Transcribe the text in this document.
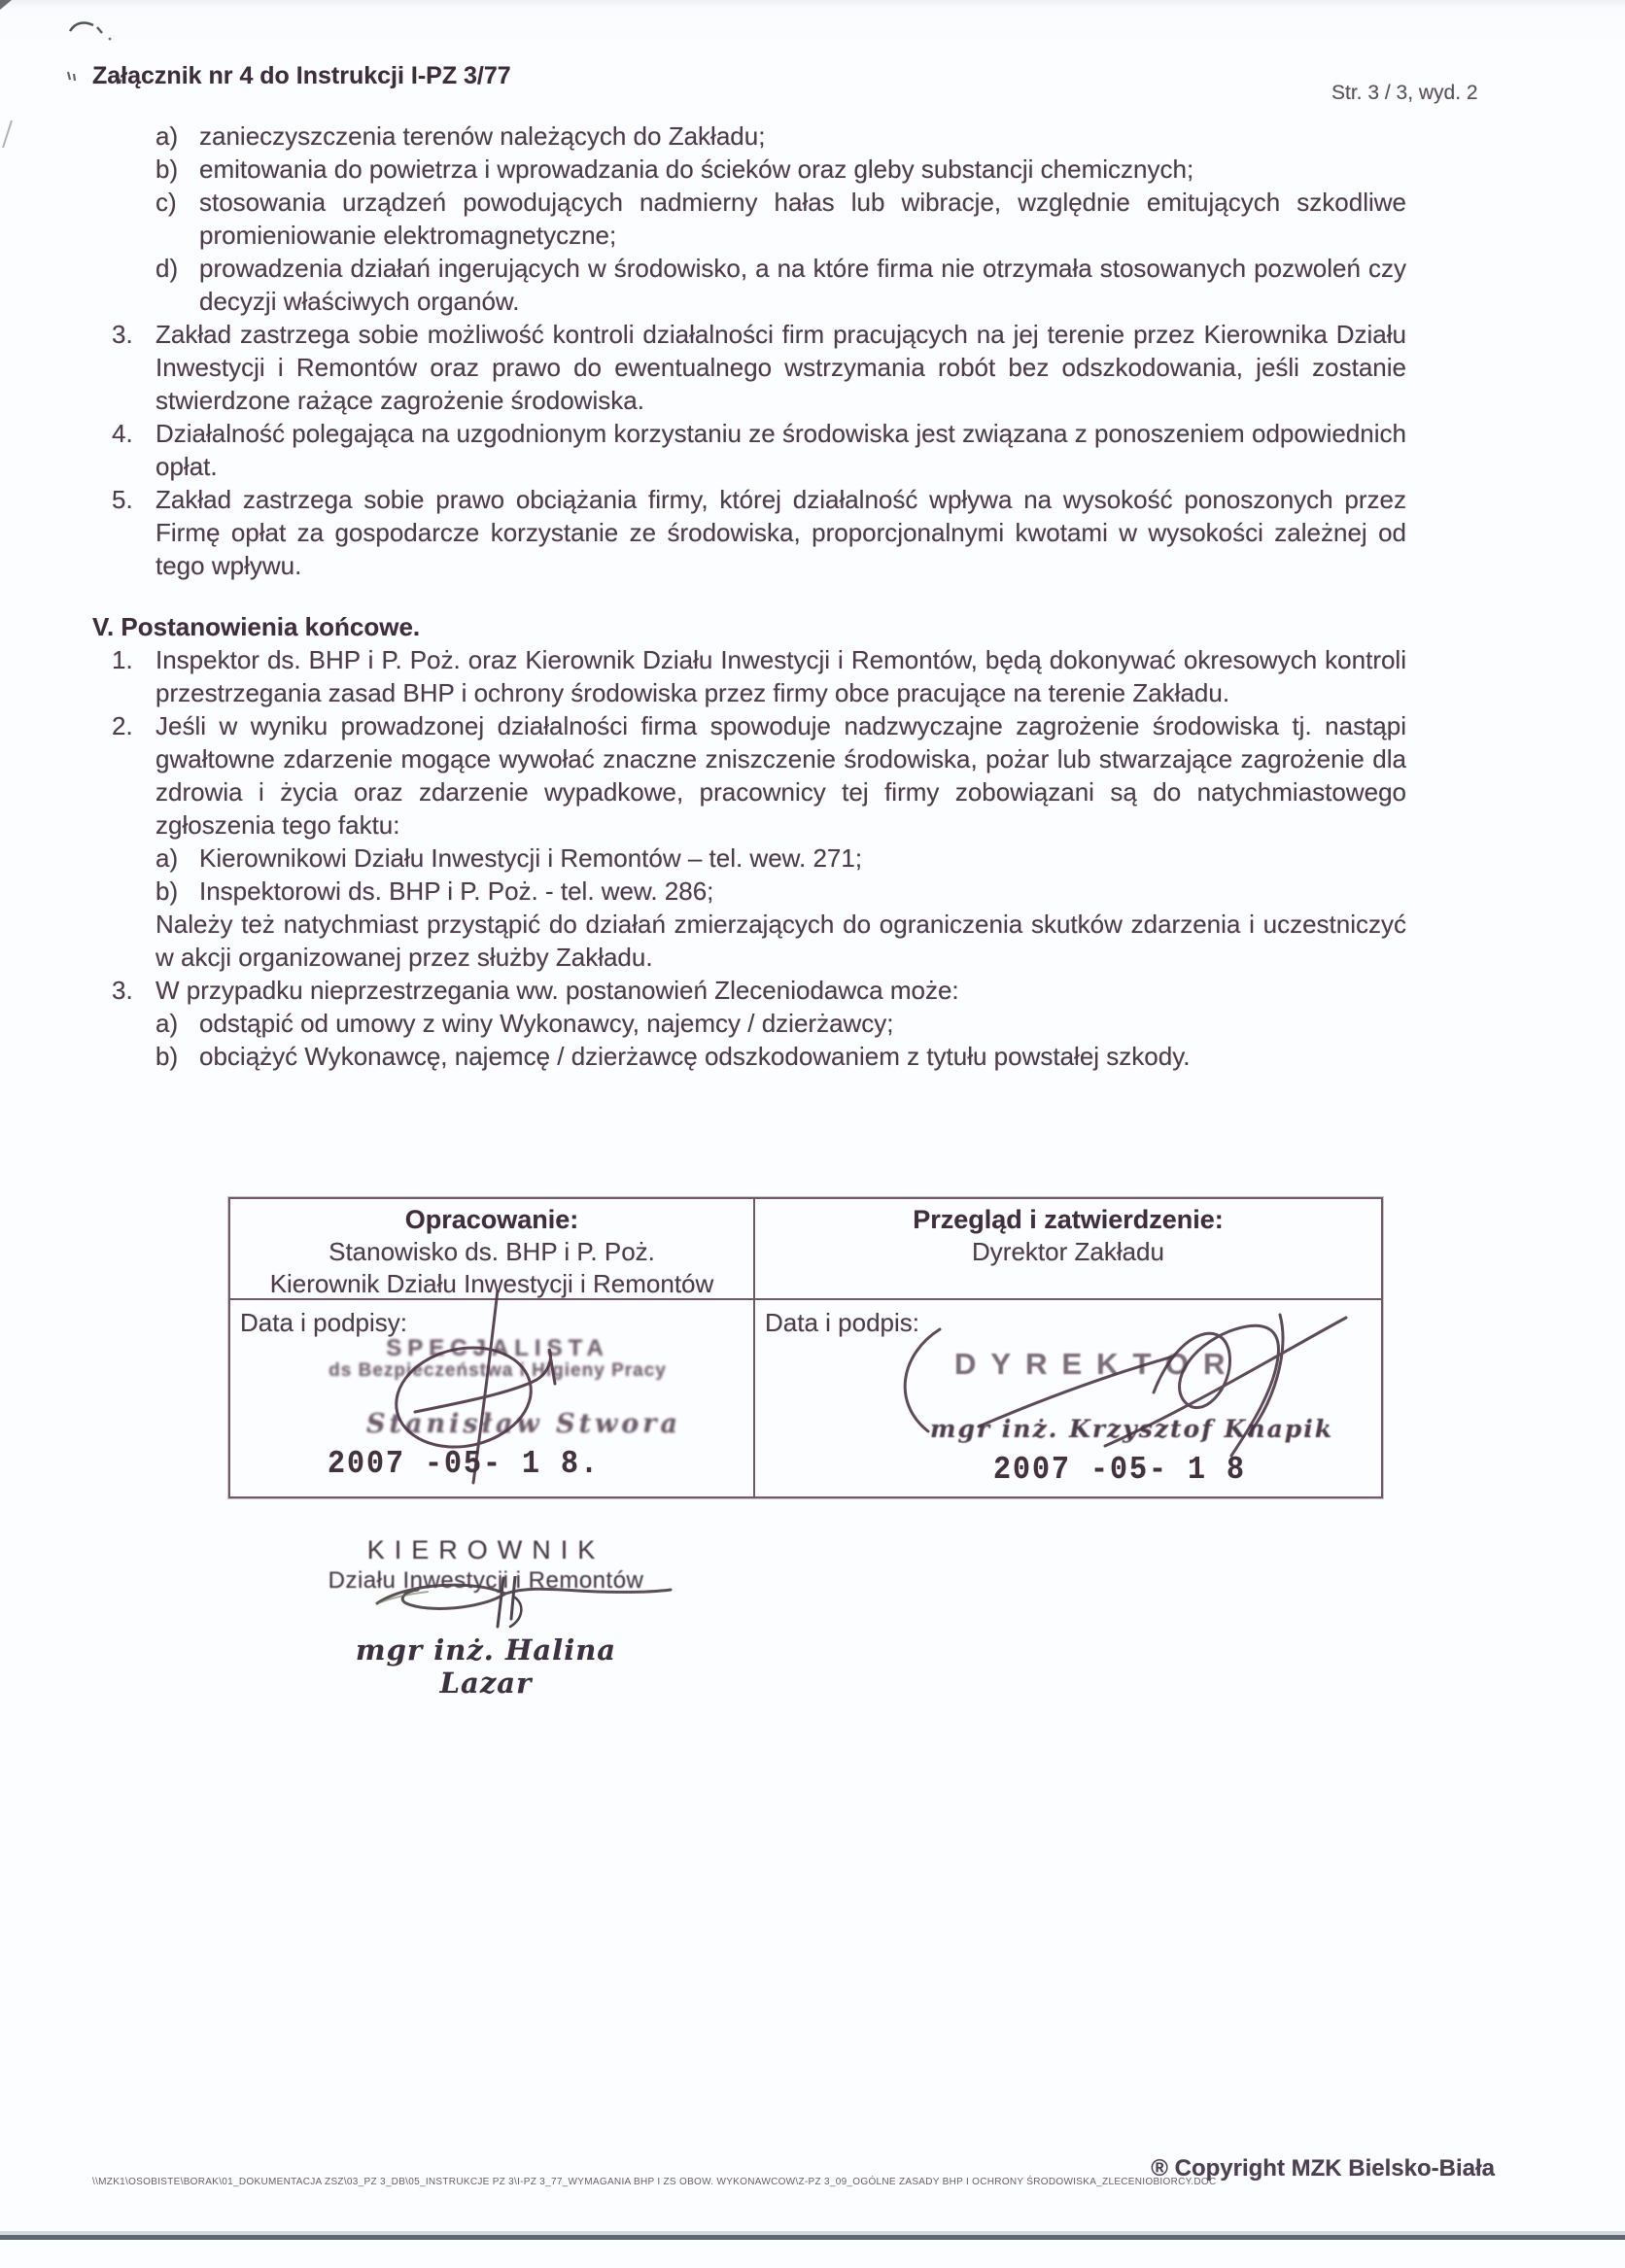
Załącznik nr 4 do Instrukcji I-PZ 3/77
Str. 3 / 3, wyd. 2
a) zanieczyszczenia terenów należących do Zakładu;
b) emitowania do powietrza i wprowadzania do ścieków oraz gleby substancji chemicznych;
c) stosowania urządzeń powodujących nadmierny hałas lub wibracje, względnie emitujących szkodliwe promieniowanie elektromagnetyczne;
d) prowadzenia działań ingerujących w środowisko, a na które firma nie otrzymała stosowanych pozwoleń czy decyzji właściwych organów.
3. Zakład zastrzega sobie możliwość kontroli działalności firm pracujących na jej terenie przez Kierownika Działu Inwestycji i Remontów oraz prawo do ewentualnego wstrzymania robót bez odszkodowania, jeśli zostanie stwierdzone rażące zagrożenie środowiska.
4. Działalność polegająca na uzgodnionym korzystaniu ze środowiska jest związana z ponoszeniem odpowiednich opłat.
5. Zakład zastrzega sobie prawo obciążania firmy, której działalność wpływa na wysokość ponoszonych przez Firmę opłat za gospodarcze korzystanie ze środowiska, proporcjonalnymi kwotami w wysokości zależnej od tego wpływu.
V. Postanowienia końcowe.
1. Inspektor ds. BHP i P. Poż. oraz Kierownik Działu Inwestycji i Remontów, będą dokonywać okresowych kontroli przestrzegania zasad BHP i ochrony środowiska przez firmy obce pracujące na terenie Zakładu.
2. Jeśli w wyniku prowadzonej działalności firma spowoduje nadzwyczajne zagrożenie środowiska tj. nastąpi gwałtowne zdarzenie mogące wywołać znaczne zniszczenie środowiska, pożar lub stwarzające zagrożenie dla zdrowia i życia oraz zdarzenie wypadkowe, pracownicy tej firmy zobowiązani są do natychmiastowego zgłoszenia tego faktu:
a) Kierownikowi Działu Inwestycji i Remontów – tel. wew. 271;
b) Inspektorowi ds. BHP i P. Poż. - tel. wew. 286;
Należy też natychmiast przystąpić do działań zmierzających do ograniczenia skutków zdarzenia i uczestniczyć w akcji organizowanej przez służby Zakładu.
3. W przypadku nieprzestrzegania ww. postanowień Zleceniodawca może:
a) odstąpić od umowy z winy Wykonawcy, najemcy / dzierżawcy;
b) obciążyć Wykonawcę, najemcę / dzierżawcę odszkodowaniem z tytułu powstałej szkody.
Opracowanie:
Stanowisko ds. BHP i P. Poż.
Kierownik Działu Inwestycji i Remontów
Przegląd i zatwierdzenie:
Dyrektor Zakładu
Data i podpisy:
SPECJALISTA
ds Bezpieczeństwa i Higieny Pracy
Stanisław Stwora
2007 -05- 1 8.
Data i podpis:
DYREKTOR
mgr inż. Krzysztof Knapik
2007 -05- 1 8
KIEROWNIK
Działu Inwestycji i Remontów
mgr inż. Halina Lazar
\\MZK1\OSOBISTE\BORAK\01_DOKUMENTACJA ZSZ\03_PZ 3_DB\05_INSTRUKCJE PZ 3\I-PZ 3_77_WYMAGANIA BHP I ZS OBOW. WYKONAWCOW\Z-PZ 3_09_OGÓLNE ZASADY BHP I OCHRONY ŚRODOWISKA_ZLECENIOBIORCY.DOC
® Copyright MZK Bielsko-Biała
